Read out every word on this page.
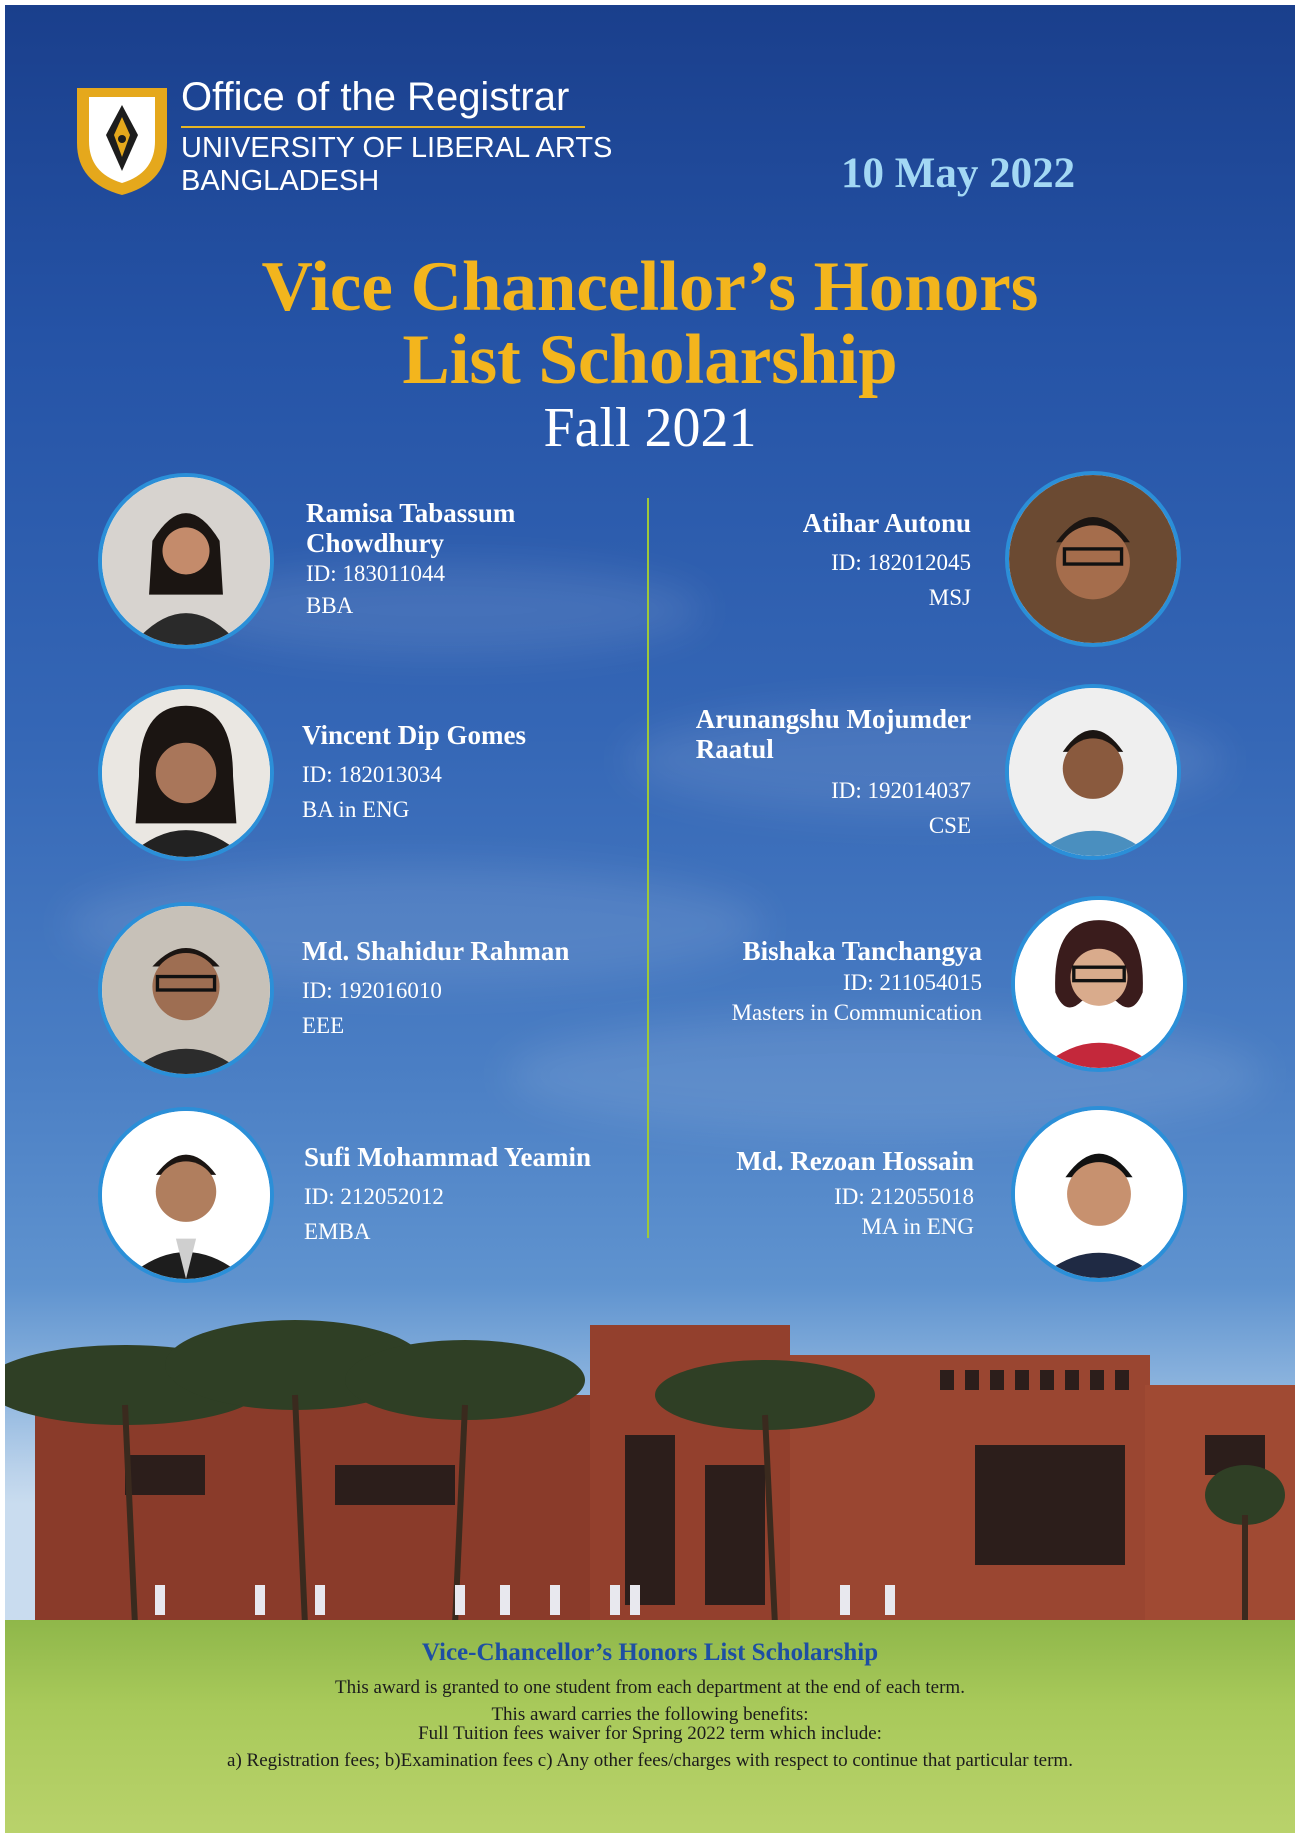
Office of the Registrar
UNIVERSITY OF LIBERAL ARTS
BANGLADESH	10 May 2022
Vice Chancellor’s Honors
List Scholarship
Fall 2021
Ramisa Tabassum
Chowdhury
ID: 183011044
BBA
Vincent Dip Gomes
ID: 182013034
BA in ENG
Md. Shahidur Rahman
ID: 192016010
EEE
Sufi Mohammad Yeamin
ID: 212052012
EMBA
Atihar Autonu
ID: 182012045
MSJ
Arunangshu Mojumder
Raatul
ID: 192014037
CSE
Bishaka Tanchangya
ID: 211054015
Masters in Communication
Md. Rezoan Hossain
ID: 212055018
MA in ENG
Vice-Chancellor’s Honors List Scholarship
This award is granted to one student from each department at the end of each term.
This award carries the following benefits:
Full Tuition fees waiver for Spring 2022 term which include:
a) Registration fees; b)Examination fees c) Any other fees/charges with respect to continue that particular term.
